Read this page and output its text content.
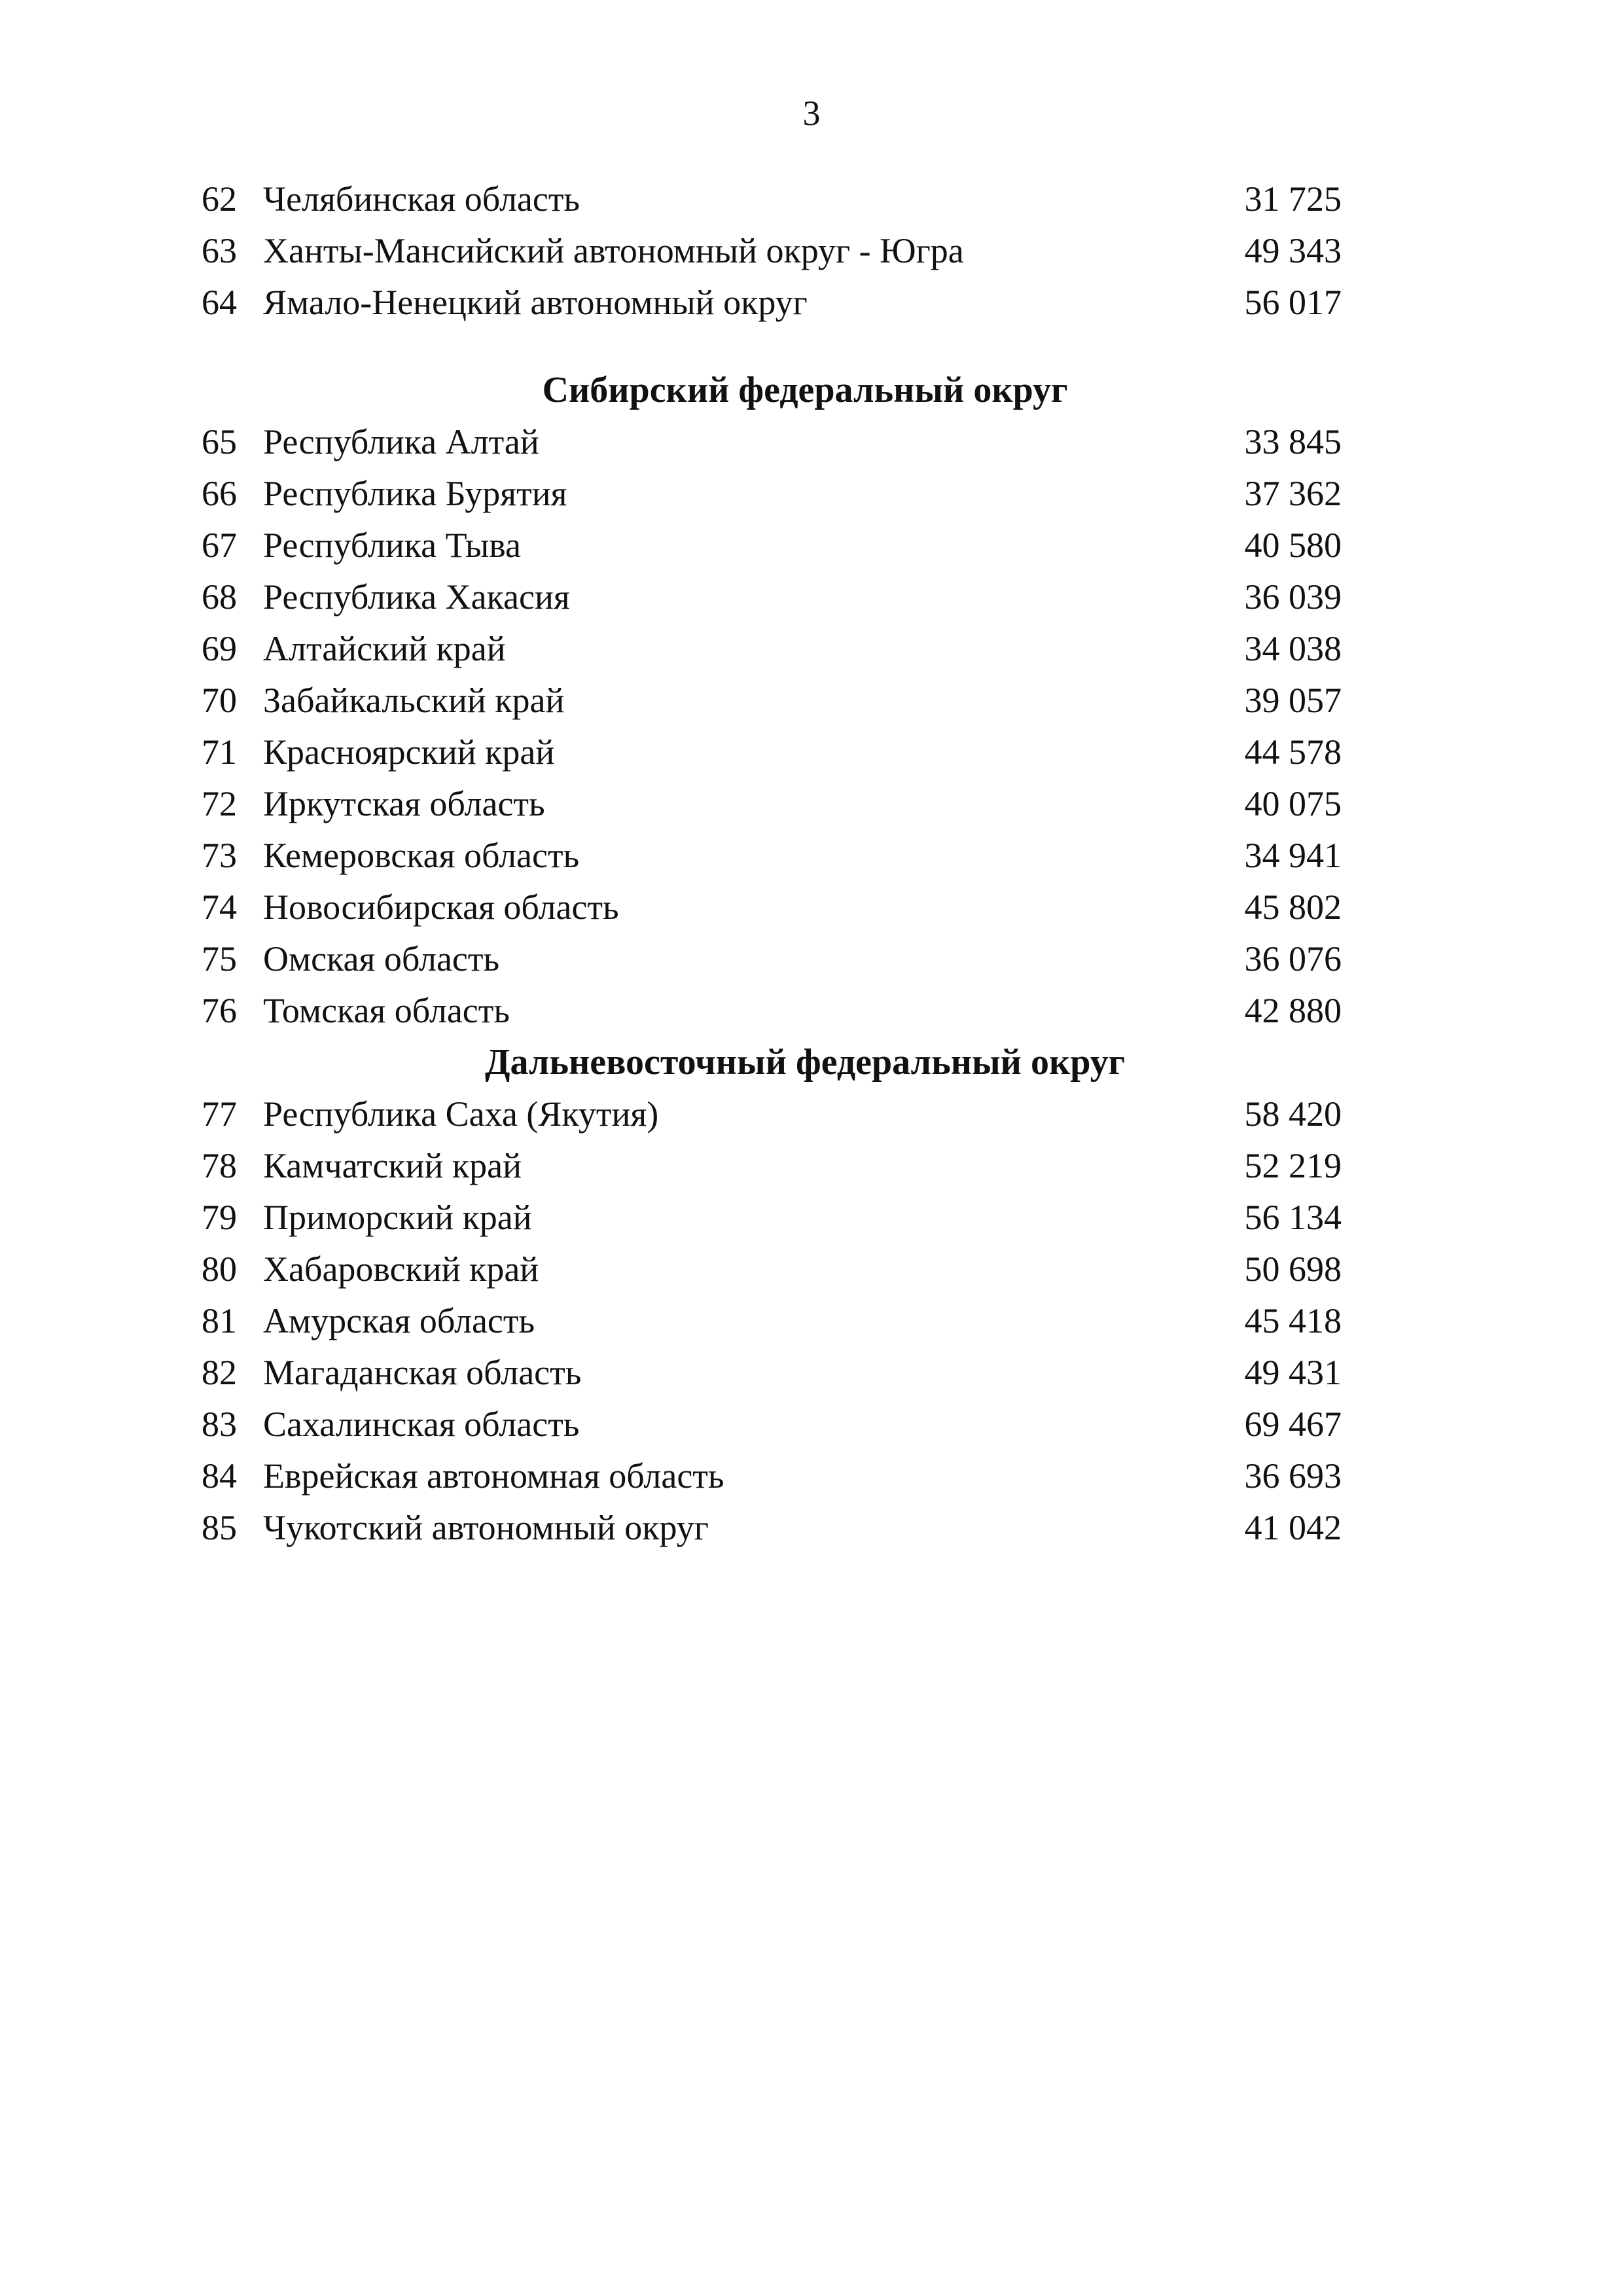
3
62 Челябинская область	31 725
63 Ханты-Мансийский автономный округ - Югра	49 343
64 Ямало-Ненецкий автономный округ	56 017
Сибирский федеральный округ
65 Республика Алтай	33 845
66 Республика Бурятия	37 362
67 Республика Тыва	40 580
68 Республика Хакасия	36 039
69 Алтайский край	34 038
70 Забайкальский край	39 057
71 Красноярский край	44 578
72 Иркутская область	40 075
73 Кемеровская область	34 941
74 Новосибирская область	45 802
75 Омская область	36 076
76 Томская область	42 880
Дальневосточный федеральный округ
77 Республика Саха (Якутия)	58 420
78 Камчатский край	52 219
79 Приморский край	56 134
80 Хабаровский край	50 698
81 Амурская область	45 418
82 Магаданская область	49 431
83 Сахалинская область	69 467
84 Еврейская автономная область	36 693
85 Чукотский автономный округ	41 042
